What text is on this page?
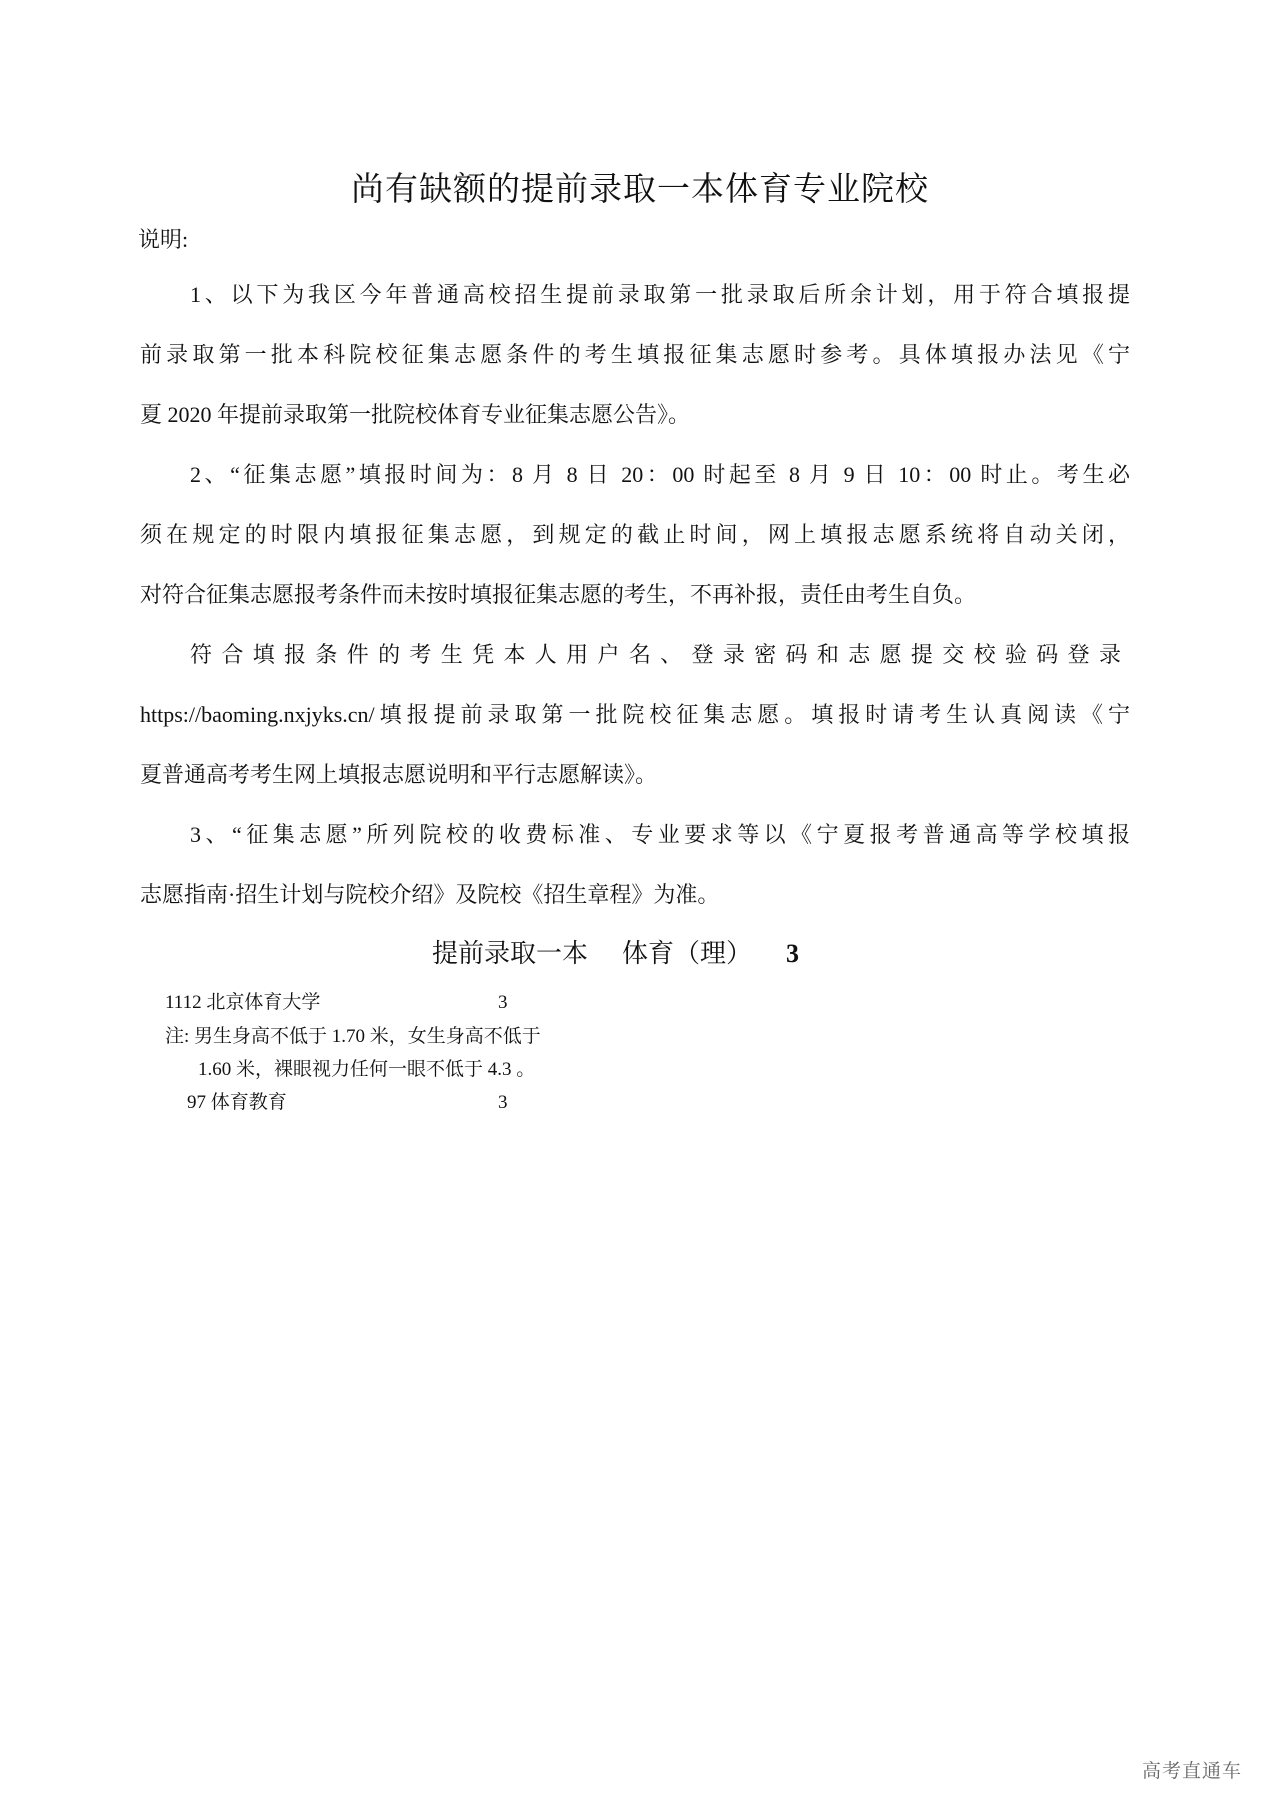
尚有缺额的提前录取一本体育专业院校
说明:
1、以下为我区今年普通高校招生提前录取第一批录取后所余计划，用于符合填报提
前录取第一批本科院校征集志愿条件的考生填报征集志愿时参考。具体填报办法见《宁
夏 2020 年提前录取第一批院校体育专业征集志愿公告》。
2、“征集志愿”填报时间为：8 月 8 日 20：00 时起至 8 月 9 日 10：00 时止。考生必
须在规定的时限内填报征集志愿，到规定的截止时间，网上填报志愿系统将自动关闭，
对符合征集志愿报考条件而未按时填报征集志愿的考生，不再补报，责任由考生自负。
符合填报条件的考生凭本人用户名、登录密码和志愿提交校验码登录
https://baoming.nxjyks.cn/填报提前录取第一批院校征集志愿。填报时请考生认真阅读《宁
夏普通高考考生网上填报志愿说明和平行志愿解读》。
3、“征集志愿”所列院校的收费标准、专业要求等以《宁夏报考普通高等学校填报
志愿指南·招生计划与院校介绍》及院校《招生章程》为准。
提前录取一本 体育（理） 3
1112 北京体育大学	3
注: 男生身高不低于 1.70 米，女生身高不低于
1.60 米，裸眼视力任何一眼不低于 4.3 。
97 体育教育	3
高考直通车
